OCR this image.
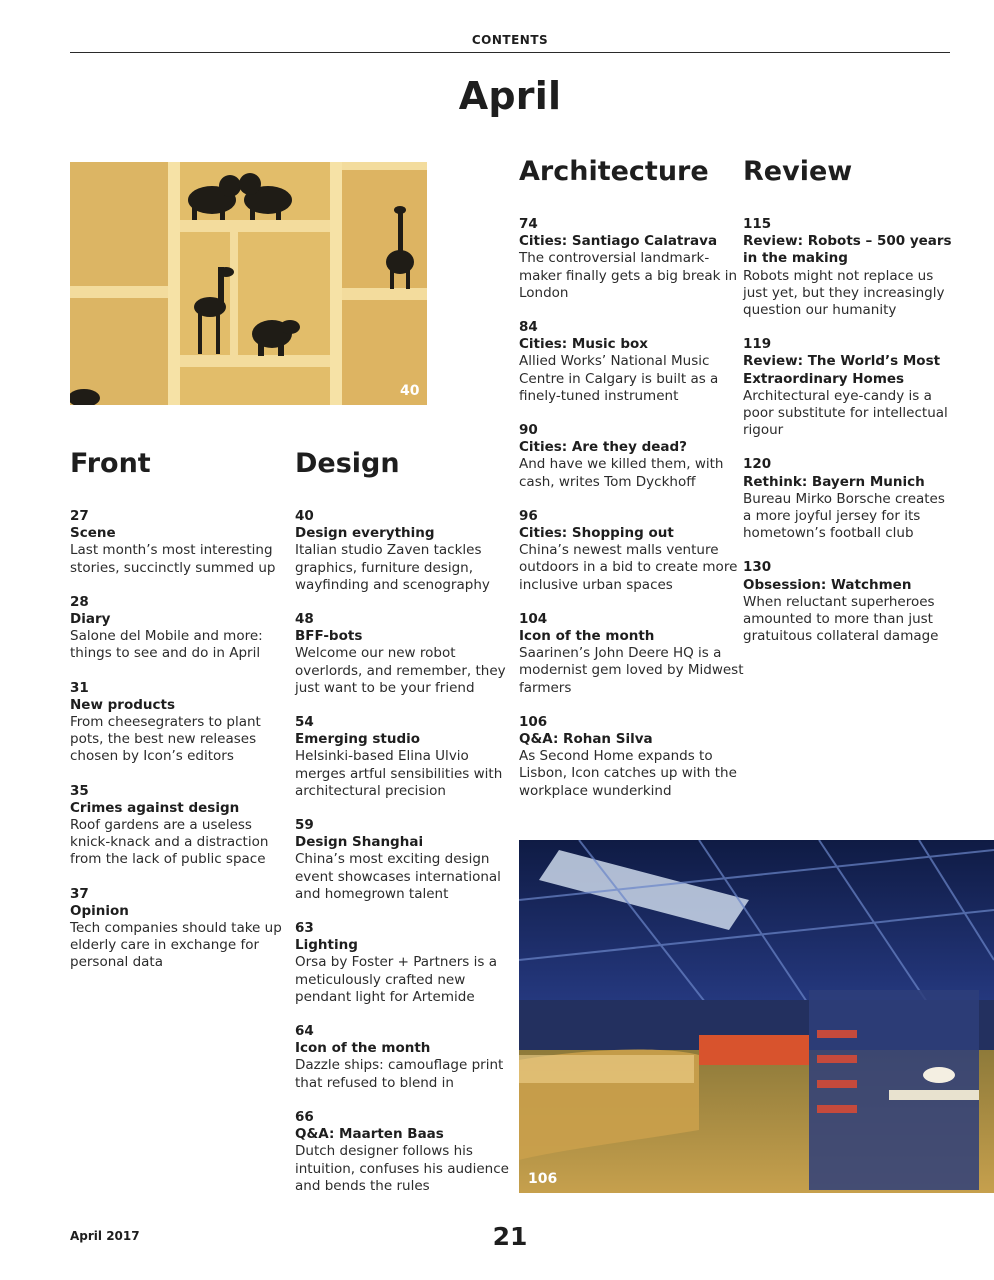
CONTENTS
April
40
106
Front
27
Scene
Last month’s most interesting stories, succinctly summed up
28
Diary
Salone del Mobile and more: things to see and do in April
31
New products
From cheesegraters to plant pots, the best new releases chosen by Icon’s editors
35
Crimes against design
Roof gardens are a useless knick-knack and a distraction from the lack of public space
37
Opinion
Tech companies should take up elderly care in exchange for personal data
Design
40
Design everything
Italian studio Zaven tackles graphics, furniture design, wayfinding and scenography
48
BFF-bots
Welcome our new robot overlords, and remember, they just want to be your friend
54
Emerging studio
Helsinki-based Elina Ulvio merges artful sensibilities with architectural precision
59
Design Shanghai
China’s most exciting design event showcases international and homegrown talent
63
Lighting
Orsa by Foster + Partners is a meticulously crafted new pendant light for Artemide
64
Icon of the month
Dazzle ships: camouflage print that refused to blend in
66
Q&A: Maarten Baas
Dutch designer follows his intuition, confuses his audience and bends the rules
Architecture
74
Cities: Santiago Calatrava
The controversial landmark-maker finally gets a big break in London
84
Cities: Music box
Allied Works’ National Music Centre in Calgary is built as a finely-tuned instrument
90
Cities: Are they dead?
And have we killed them, with cash, writes Tom Dyckhoff
96
Cities: Shopping out
China’s newest malls venture outdoors in a bid to create more inclusive urban spaces
104
Icon of the month
Saarinen’s John Deere HQ is a modernist gem loved by Midwest farmers
106
Q&A: Rohan Silva
As Second Home expands to Lisbon, Icon catches up with the workplace wunderkind
Review
115
Review: Robots – 500 years in the making
Robots might not replace us just yet, but they increasingly question our humanity
119
Review: The World’s Most Extraordinary Homes
Architectural eye-candy is a poor substitute for intellectual rigour
120
Rethink: Bayern Munich
Bureau Mirko Borsche creates a more joyful jersey for its hometown’s football club
130
Obsession: Watchmen
When reluctant superheroes amounted to more than just gratuitous collateral damage
April 2017	21
